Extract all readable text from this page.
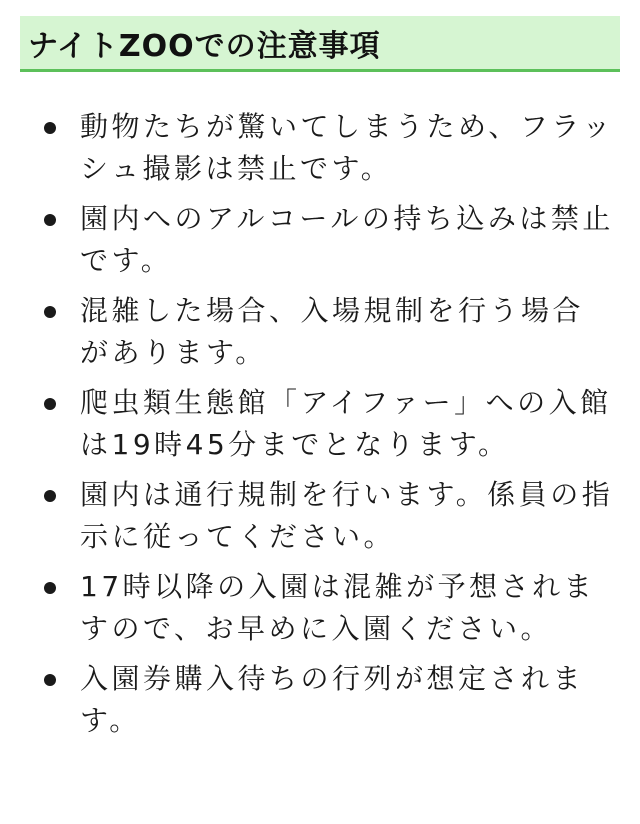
ナイトZOOでの注意事項
動物たちが驚いてしまうため、フラッシュ撮影は禁止です。
園内へのアルコールの持ち込みは禁止です。
混雑した場合、入場規制を行う場合があります。
爬虫類生態館「アイファー」への入館は19時45分までとなります。
園内は通行規制を行います。係員の指示に従ってください。
17時以降の入園は混雑が予想されますので、お早めに入園ください。
入園券購入待ちの行列が想定されます。
